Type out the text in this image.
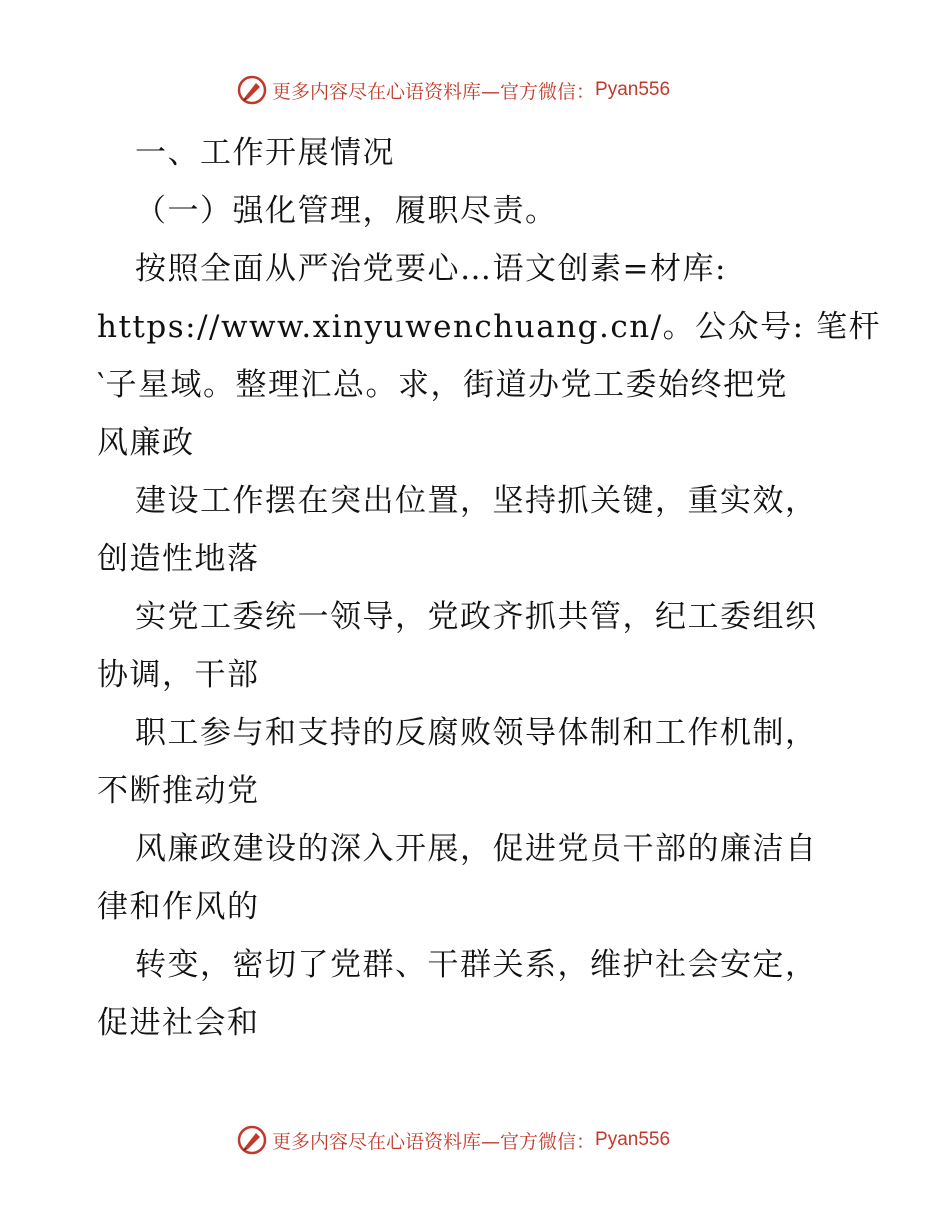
更多内容尽在心语资料库 —官方微信： Pyan556
一、工作开展情况
（一）强化管理，履职尽责。
按照全面从严治党要心…语文创素=材库:
https://www.xinyuwenchuang.cn/。公众号: 笔杆
‵子星域。整理汇总。求，街道办党工委始终把党
风廉政
建设工作摆在突出位置，坚持抓关键，重实效，
创造性地落
实党工委统一领导，党政齐抓共管，纪工委组织
协调，干部
职工参与和支持的反腐败领导体制和工作机制，
不断推动党
风廉政建设的深入开展，促进党员干部的廉洁自
律和作风的
转变，密切了党群、干群关系，维护社会安定，
促进社会和
更多内容尽在心语资料库 —官方微信： Pyan556
